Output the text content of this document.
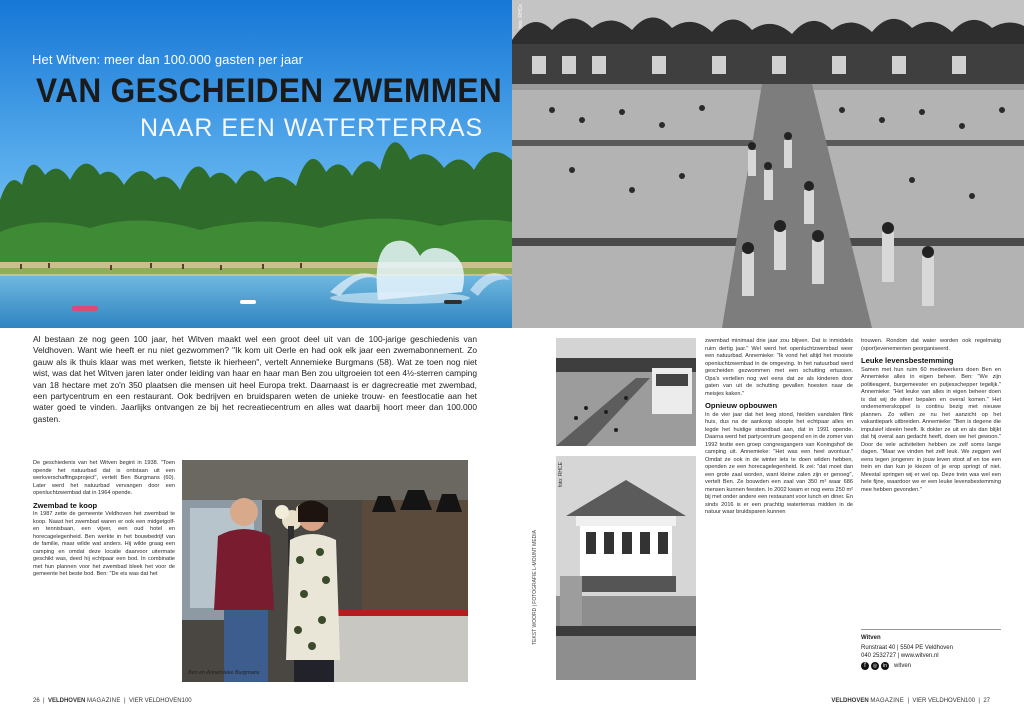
Het Witven: meer dan 100.000 gasten per jaar
VAN GESCHEIDEN ZWEMMEN
NAAR EEN WATERTERRAS
Al bestaan ze nog geen 100 jaar, het Witven maakt wel een groot deel uit van de 100-jarige geschiedenis van Veldhoven. Want wie heeft er nu niet gezwommen? "Ik kom uit Oerle en had ook elk jaar een zwemabonnement. Zo gauw als ik thuis klaar was met werken, fietste ik hierheen", vertelt Annemieke Burgmans (58). Wat ze toen nog niet wist, was dat het Witven jaren later onder leiding van haar en haar man Ben zou uitgroeien tot een 4½-sterren camping van 18 hectare met zo'n 350 plaatsen die mensen uit heel Europa trekt. Daarnaast is er dagrecreatie met zwembad, een partycentrum en een restaurant. Ook bedrijven en bruidsparen weten de unieke trouw- en feestlocatie aan het water goed te vinden. Jaarlijks ontvangen ze bij het recreatiecentrum en alles wat daarbij hoort meer dan 100.000 gasten.

De geschiedenis van het Witven begint in 1938. "Toen opende het natuurbad dat is ontstaan uit een werkverschaffingsproject", vertelt Ben Burgmans (60). Later werd het natuurbad vervangen door een openluchtzwembad dat in 1964 opende.

Zwembad te koop

In 1987 zette de gemeente Veldhoven het zwembad te koop. Naast het zwembad waren er ook een midgetgolf- en tennisbaan, een vijver, een oud hotel en horecagelegenheid. Ben werkte in het bouwbedrijf van de familie, maar wilde wat anders. Hij wilde graag een camping en omdat deze locatie daarvoor uitermate geschikt was, deed hij echtpaar een bod. In combinatie met hun plannen voor het zwembad bleek het voor de gemeente het beste bod. Ben: "De eis was dat het

Ben en Annemieke Burgmans
26 | VELDHOVEN MAGAZINE | VIER VELDHOVEN100
foto: RHCe
foto: RHCE
TEKST WOORD | FOTOGRAFIE L-MOUNT MEDIA

zwembad minimaal drie jaar zou blijven. Dat is inmiddels ruim dertig jaar." Wel werd het openluchtzwembad weer een natuurbad. Annemieke: "Ik vond het altijd het mooiste openluchtzwembad in de omgeving. In het natuurbad werd gescheiden gezwommen met een schutting ertussen. Opa's vertellen nog wel eens dat ze als kinderen door gaten van uit de schutting gevallen hoesten naar de meisjes kaken."

Opnieuw opbouwen

In de vier jaar dat het leeg stond, hielden vandalen flink huis, dus na de aankoop sloopte het echtpaar alles en legde het huidige strandbad aan, dat in 1991 opende. Daarna werd het partycentrum geopend en in de zomer van 1992 testte een groep congresgangers van Koningshof de camping uit. Annemieke: "Het was een heel avontuur." Omdat ze ook in de winter iets te doen wilden hebben, openden ze een horecagelegenheid. Ik zei: "dat moet dan een grote zaal worden, want kleine zalen zijn er genoeg", vertelt Ben. Ze bouwden een zaal van 350 m² waar 686 mensen kunnen feesten. In 2002 kwam er nog eens 250 m² bij met onder andere een restaurant voor lunch en diner. En sinds 2016 is er een prachtig waterterras midden in de natuur waar bruidsparen kunnen

trouwen. Rondom dat water worden ook regelmatig (sport)evenementen georganiseerd.

Leuke levensbestemming

Samen met hun ruim 60 medewerkers doen Ben en Annemieke alles in eigen beheer. Ben: "We zijn politieagent, burgemeester en putjesschepper tegelijk." Annemieke: "Het leuke van alles in eigen beheer doen is dat wij de sfeer bepalen en overal komen." Het ondernemerskoppel is continu bezig met nieuwe plannen. Zo willen ze nu het aanzicht op het vakantiepark uitbreiden. Annemieke: "Ben is degene die impulsief ideeën heeft. Ik dokter ze uit en als dan blijkt dat hij overal aan gedacht heeft, doen we het gewoon." Door de vele activiteiten hebben ze zelf soms lange dagen. "Maar we vinden het zelf leuk. We zeggen wel eens tegen jongeren: in jouw leven stoot af en toe een trein en dan kun je kiezen of je erop springt of niet. Meestal springen wij er wel op. Deze trein was wel een hele fijne, waardoor we er een leuke levensbestemming mee hebben gevonden."

Witven
Runstraat 40 | 5504 PE Veldhoven
040 2532727 | www.witven.nl
f	◎	in	witven
VELDHOVEN MAGAZINE | VIER VELDHOVEN100 | 27
